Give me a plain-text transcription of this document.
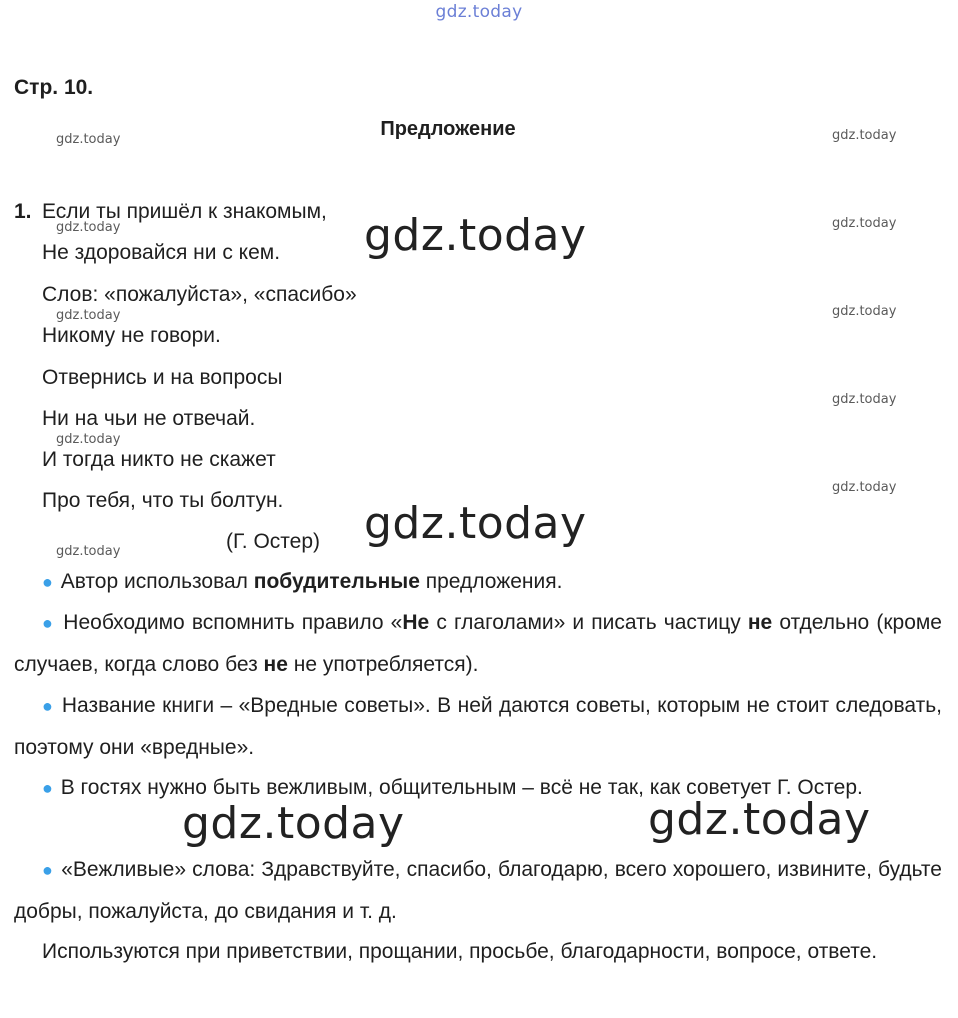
gdz.today
gdz.today	gdz.today
gdz.today
gdz.today
gdz.today	gdz.today
gdz.today
gdz.today
gdz.today
gdz.today
gdz.today
gdz.today
gdz.today	gdz.today
Стр. 10.
Предложение
1. Если ты пришёл к знакомым,
Не здоровайся ни с кем.
Слов: «пожалуйста», «спасибо»
Никому не говори.
Отвернись и на вопросы
Ни на чьи не отвечай.
И тогда никто не скажет
Про тебя, что ты болтун.
(Г. Остер)
● Автор использовал побудительные предложения.
● Необходимо вспомнить правило «Не с глаголами» и писать частицу не отдельно (кроме случаев, когда слово без не не употребляется).
● Название книги – «Вредные советы». В ней даются советы, которым не стоит следовать, поэтому они «вредные».
● В гостях нужно быть вежливым, общительным – всё не так, как советует Г. Остер.
● «Вежливые» слова: Здравствуйте, спасибо, благодарю, всего хорошего, извините, будьте добры, пожалуйста, до свидания и т. д.
Используются при приветствии, прощании, просьбе, благодарности, вопросе, ответе.
